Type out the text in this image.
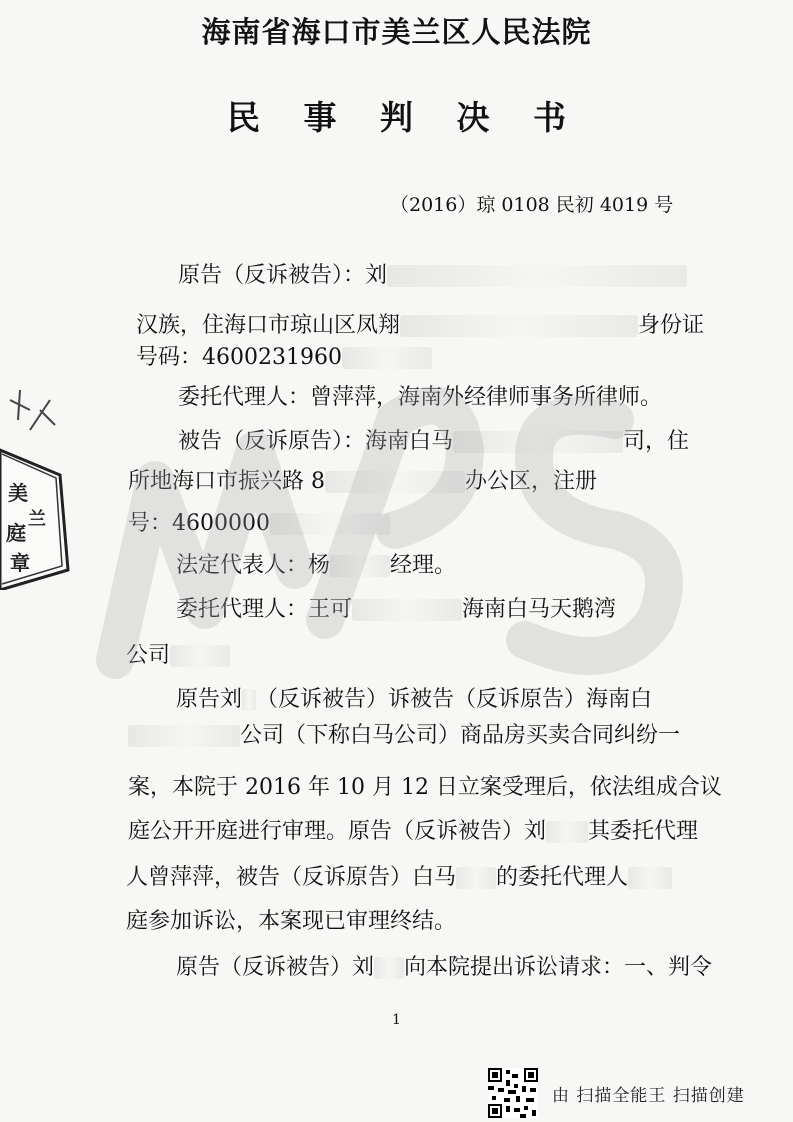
海南省海口市美兰区人民法院
民 事 判 决 书
（2016）琼 0108 民初 4019 号
原告（反诉被告）：刘
汉族，住海口市琼山区凤翔	身份证
号码：4600231960
委托代理人：曾萍萍，海南外经律师事务所律师。
被告（反诉原告）：海南白马	司，住
所地海口市振兴路 8	办公区，注册
号：4600000
法定代表人：杨	经理。
委托代理人：王可	海南白马天鹅湾
公司
原告刘 （反诉被告）诉被告（反诉原告）海南白
公司（下称白马公司）商品房买卖合同纠纷一
案，本院于 2016 年 10 月 12 日立案受理后，依法组成合议
庭公开开庭进行审理。原告（反诉被告）刘 其委托代理
人曾萍萍，被告（反诉原告）白马 的委托代理人
庭参加诉讼，本案现已审理终结。
原告（反诉被告）刘 向本院提出诉讼请求：一、判令
美
兰
庭
章
1
由 扫描全能王 扫描创建
